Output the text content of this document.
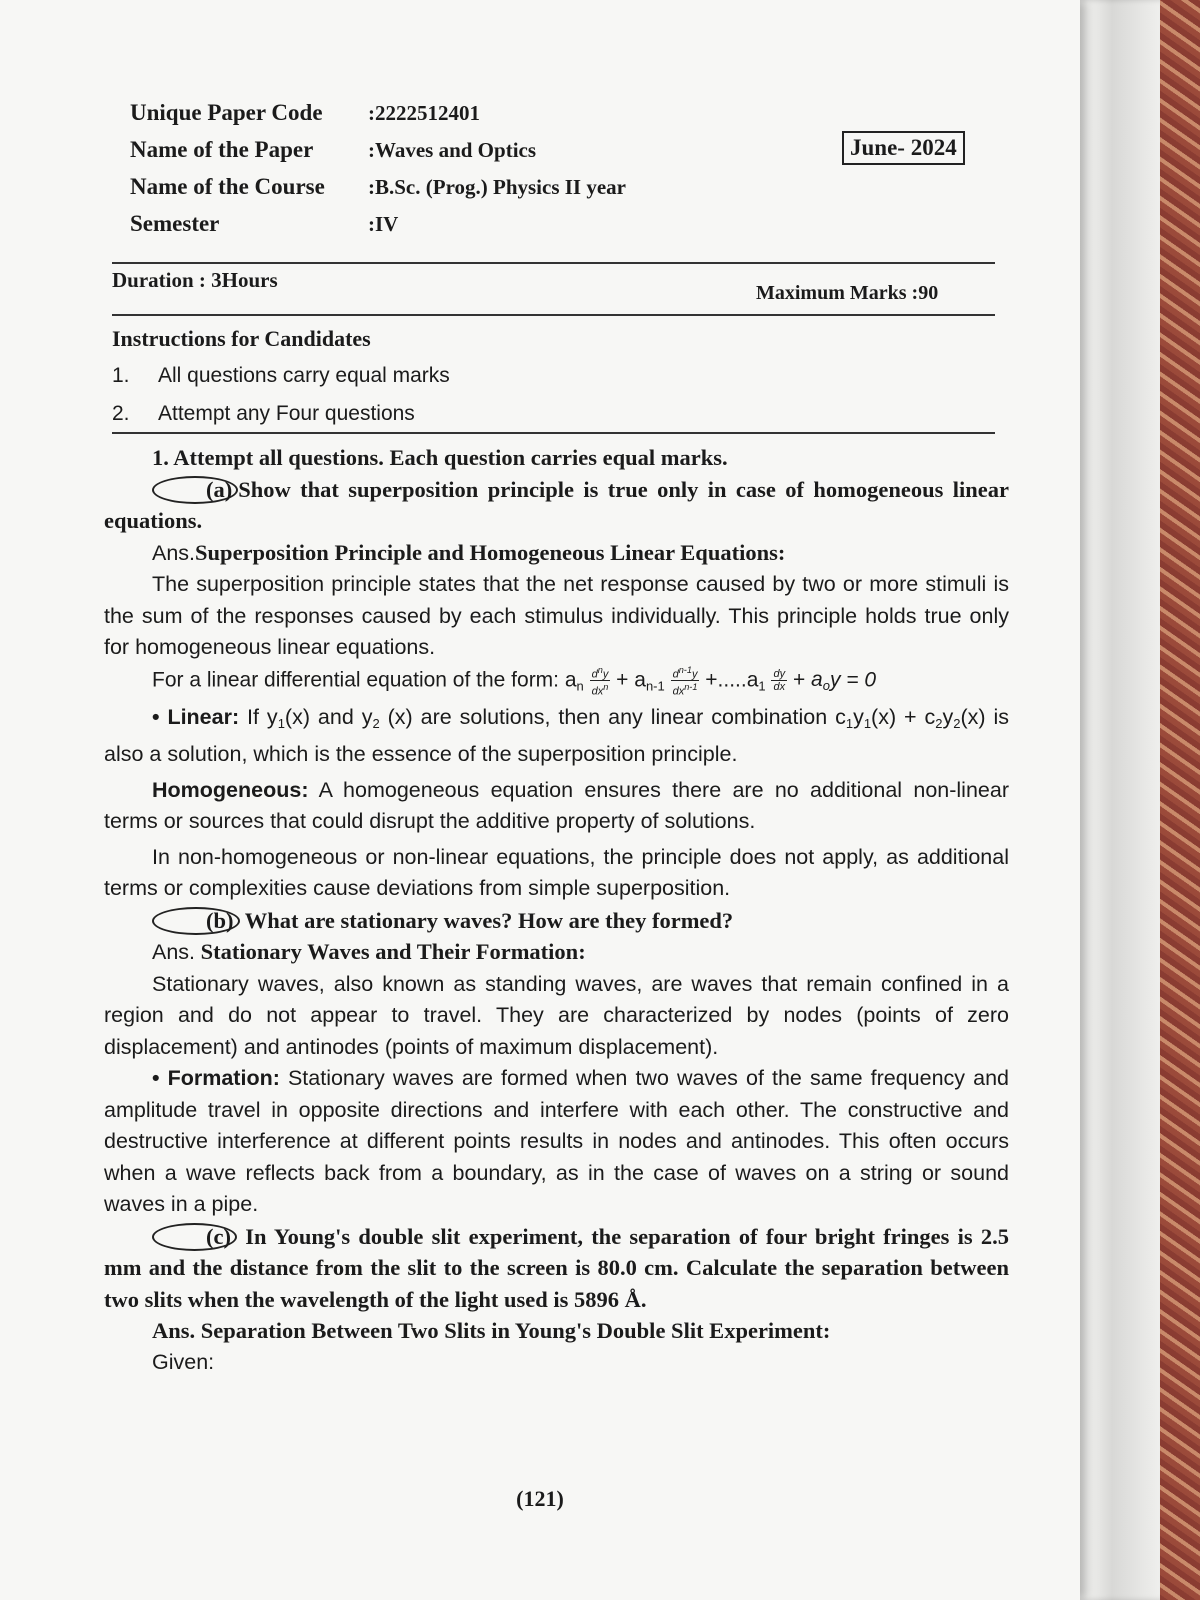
Unique Paper Code	:2222512401
Name of the Paper	:Waves and Optics
Name of the Course	:B.Sc. (Prog.) Physics II year
Semester	:IV
June- 2024
Duration : 3Hours
Maximum Marks :90
Instructions for Candidates
1.	All questions carry equal marks
2.	Attempt any Four questions

1. Attempt all questions. Each question carries equal marks.

(a) Show that superposition principle is true only in case of homogeneous linear equations.

Ans.Superposition Principle and Homogeneous Linear Equations:

The superposition principle states that the net response caused by two or more stimuli is the sum of the responses caused by each stimulus individually. This principle holds true only for homogeneous linear equations.

For a linear differential equation of the form: $a_n \frac{d^ny}{dx^n} + a_{n-1} \frac{d^{n-1}y}{dx^{n-1}} +.....a_1 \frac{dy}{dx} + a_oy = 0$

• Linear: If $y_1(x)$ and $y_2$ (x) are solutions, then any linear combination $c_1y_1(x) + c_2y_2(x)$ is also a solution, which is the essence of the superposition principle.

Homogeneous: A homogeneous equation ensures there are no additional non-linear terms or sources that could disrupt the additive property of solutions.

In non-homogeneous or non-linear equations, the principle does not apply, as additional terms or complexities cause deviations from simple superposition.

(b) What are stationary waves? How are they formed?

Ans. Stationary Waves and Their Formation:

Stationary waves, also known as standing waves, are waves that remain confined in a region and do not appear to travel. They are characterized by nodes (points of zero displacement) and antinodes (points of maximum displacement).

• Formation: Stationary waves are formed when two waves of the same frequency and amplitude travel in opposite directions and interfere with each other. The constructive and destructive interference at different points results in nodes and antinodes. This often occurs when a wave reflects back from a boundary, as in the case of waves on a string or sound waves in a pipe.

(c) In Young's double slit experiment, the separation of four bright fringes is 2.5 mm and the distance from the slit to the screen is 80.0 cm. Calculate the separation between two slits when the wavelength of the light used is 5896 Å.

Ans. Separation Between Two Slits in Young's Double Slit Experiment:

Given:

(121)
